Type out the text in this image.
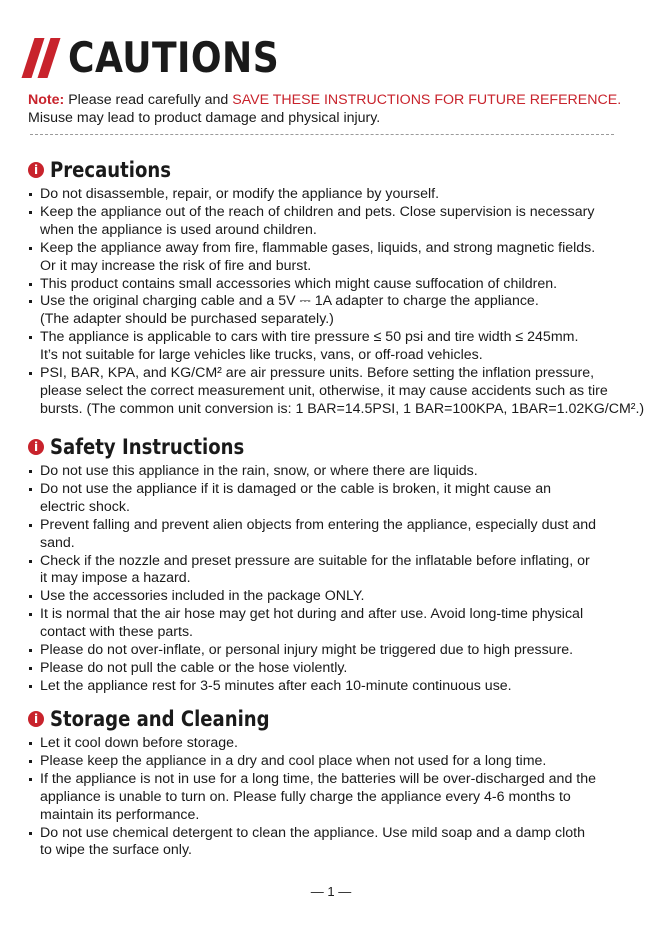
CAUTIONS
Note: Please read carefully and SAVE THESE INSTRUCTIONS FOR FUTURE REFERENCE.
Misuse may lead to product damage and physical injury.
i Precautions
Do not disassemble, repair, or modify the appliance by yourself.
Keep the appliance out of the reach of children and pets. Close supervision is necessary
when the appliance is used around children.
Keep the appliance away from fire, flammable gases, liquids, and strong magnetic fields.
Or it may increase the risk of fire and burst.
This product contains small accessories which might cause suffocation of children.
Use the original charging cable and a 5V ⎓ 1A adapter to charge the appliance.
(The adapter should be purchased separately.)
The appliance is applicable to cars with tire pressure ≤ 50 psi and tire width ≤ 245mm.
It’s not suitable for large vehicles like trucks, vans, or off-road vehicles.
PSI, BAR, KPA, and KG/CM² are air pressure units. Before setting the inflation pressure,
please select the correct measurement unit, otherwise, it may cause accidents such as tire
bursts. (The common unit conversion is: 1 BAR=14.5PSI, 1 BAR=100KPA, 1BAR=1.02KG/CM².)
i Safety Instructions
Do not use this appliance in the rain, snow, or where there are liquids.
Do not use the appliance if it is damaged or the cable is broken, it might cause an
electric shock.
Prevent falling and prevent alien objects from entering the appliance, especially dust and
sand.
Check if the nozzle and preset pressure are suitable for the inflatable before inflating, or
it may impose a hazard.
Use the accessories included in the package ONLY.
It is normal that the air hose may get hot during and after use. Avoid long-time physical
contact with these parts.
Please do not over-inflate, or personal injury might be triggered due to high pressure.
Please do not pull the cable or the hose violently.
Let the appliance rest for 3-5 minutes after each 10-minute continuous use.
i Storage and Cleaning
Let it cool down before storage.
Please keep the appliance in a dry and cool place when not used for a long time.
If the appliance is not in use for a long time, the batteries will be over-discharged and the
appliance is unable to turn on. Please fully charge the appliance every 4-6 months to
maintain its performance.
Do not use chemical detergent to clean the appliance. Use mild soap and a damp cloth
to wipe the surface only.
— 1 —
